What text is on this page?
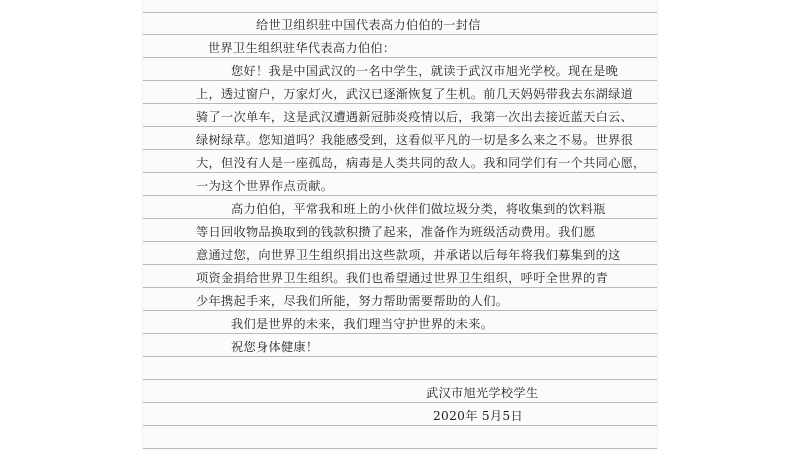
给世卫组织驻中国代表高力伯伯的一封信
世界卫生组织驻华代表高力伯伯：
您好！我是中国武汉的一名中学生，就读于武汉市旭光学校。现在是晚
上，透过窗户，万家灯火，武汉已逐渐恢复了生机。前几天妈妈带我去东湖绿道
骑了一次单车，这是武汉遭遇新冠肺炎疫情以后，我第一次出去接近蓝天白云、
绿树绿草。您知道吗？我能感受到，这看似平凡的一切是多么来之不易。世界很
大，但没有人是一座孤岛，病毒是人类共同的敌人。我和同学们有一个共同心愿，
一为这个世界作点贡献。
高力伯伯，平常我和班上的小伙伴们做垃圾分类，将收集到的饮料瓶
等日回收物品换取到的钱款积攒了起来，准备作为班级活动费用。我们愿
意通过您，向世界卫生组织捐出这些款项，并承诺以后每年将我们募集到的这
项资金捐给世界卫生组织。我们也希望通过世界卫生组织，呼吁全世界的青
少年携起手来，尽我们所能，努力帮助需要帮助的人们。
我们是世界的未来，我们理当守护世界的未来。
祝您身体健康！
武汉市旭光学校学生
2020年 5月5日
